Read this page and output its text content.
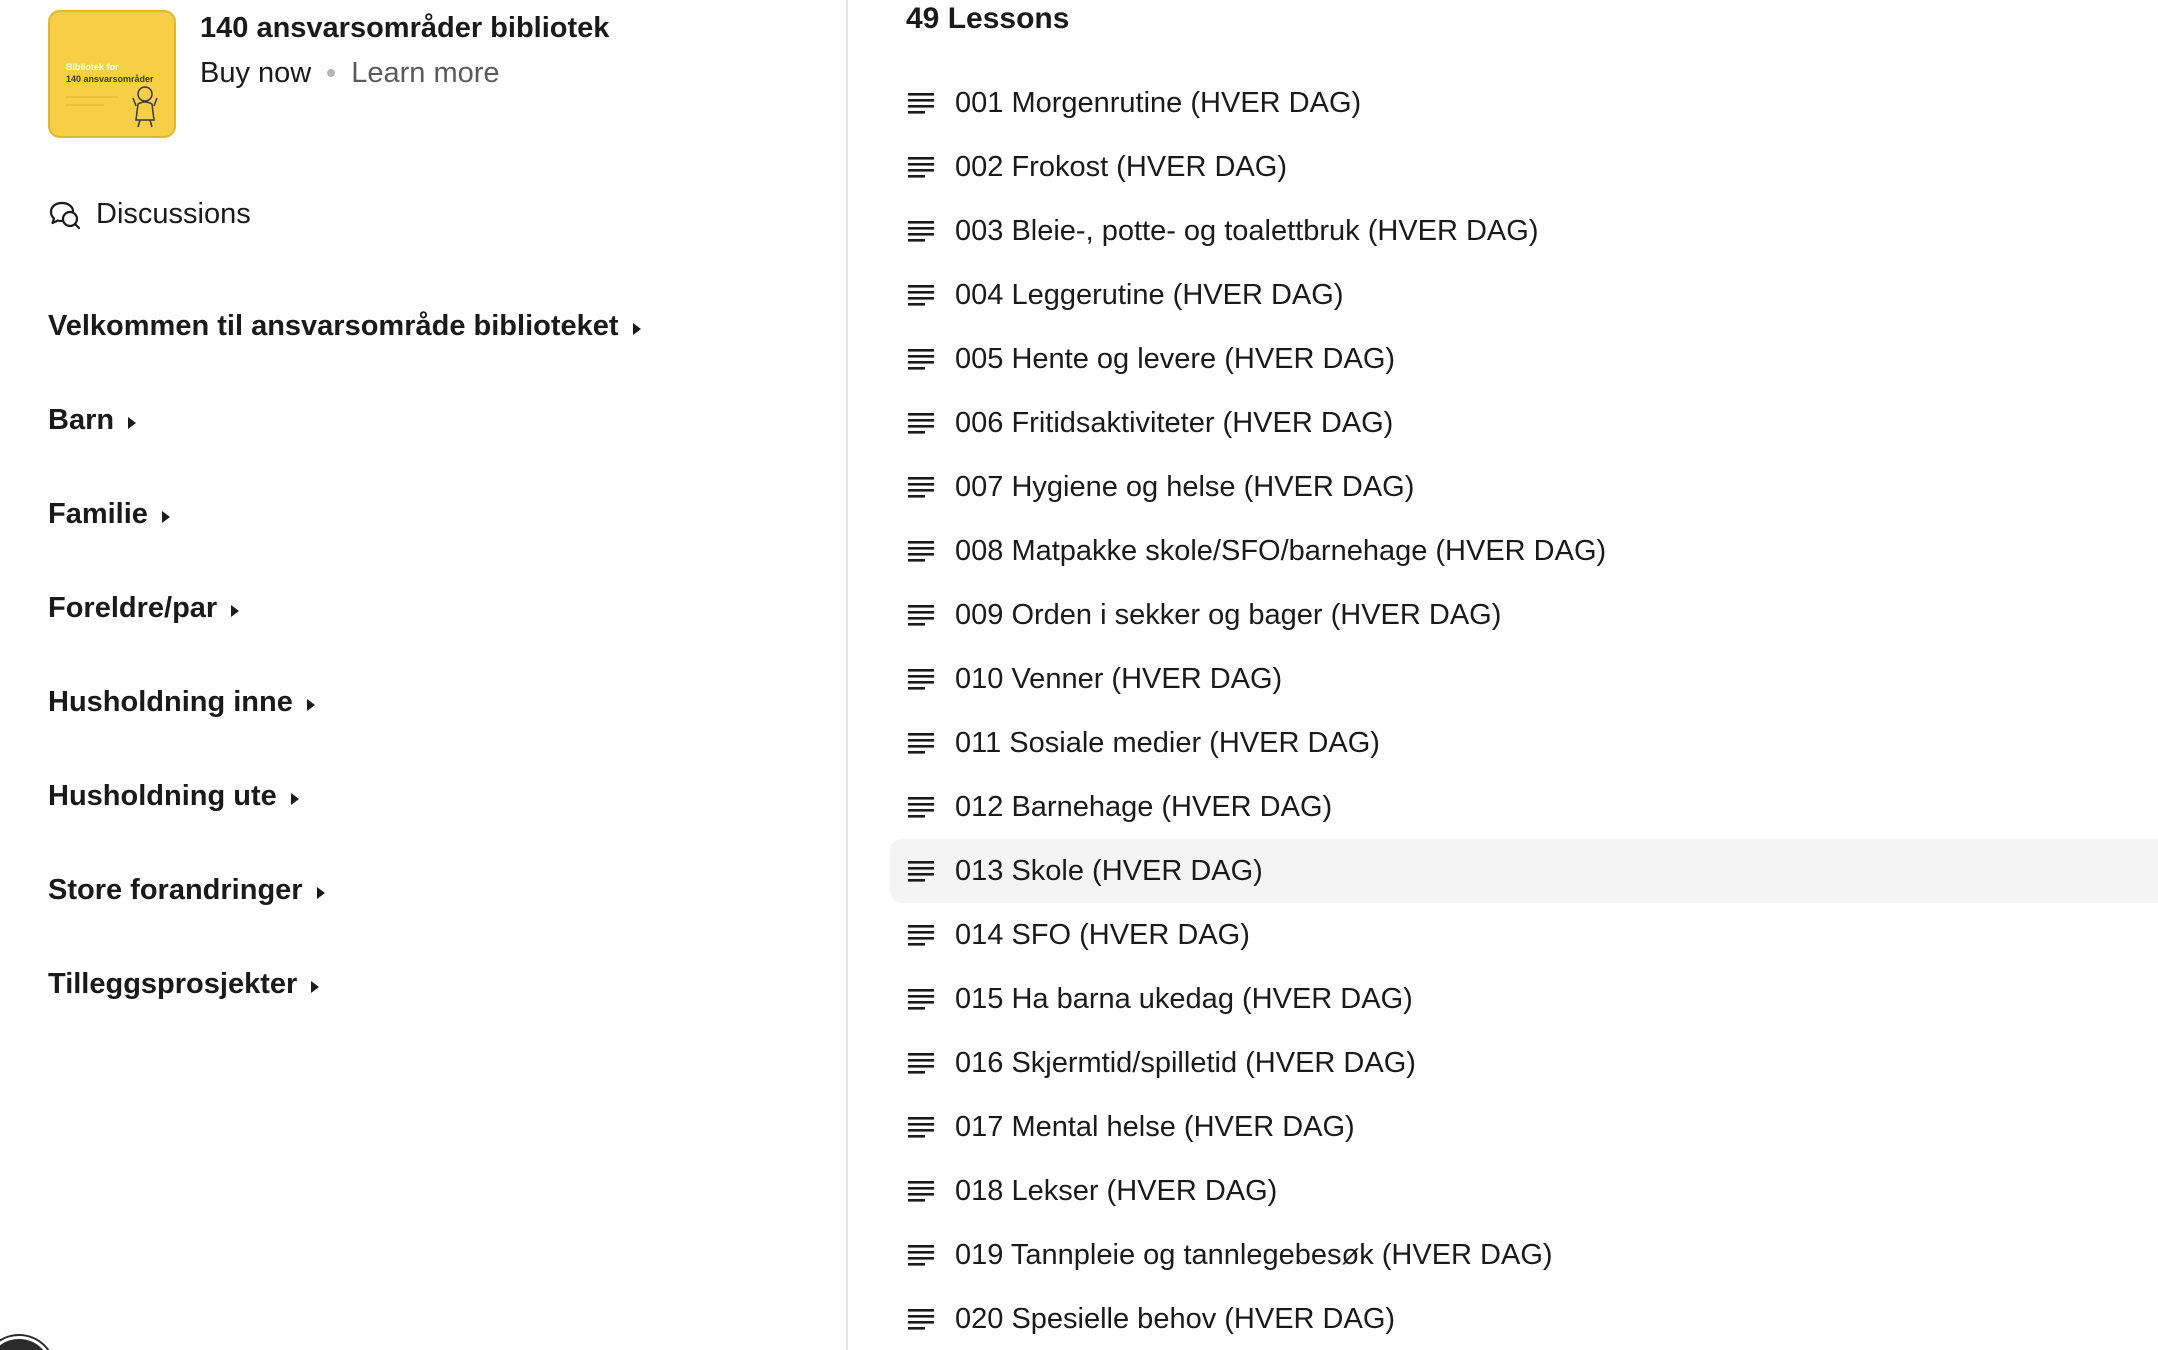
Bibliotek for
140 ansvarsområder
140 ansvarsområder bibliotek
Buy now Learn more
Discussions
Velkommen til ansvarsområde biblioteket
Barn
Familie
Foreldre/par
Husholdning inne
Husholdning ute
Store forandringer
Tilleggsprosjekter
49 Lessons
001 Morgenrutine (HVER DAG)
002 Frokost (HVER DAG)
003 Bleie-, potte- og toalettbruk (HVER DAG)
004 Leggerutine (HVER DAG)
005 Hente og levere (HVER DAG)
006 Fritidsaktiviteter (HVER DAG)
007 Hygiene og helse (HVER DAG)
008 Matpakke skole/SFO/barnehage (HVER DAG)
009 Orden i sekker og bager (HVER DAG)
010 Venner (HVER DAG)
011 Sosiale medier (HVER DAG)
012 Barnehage (HVER DAG)
013 Skole (HVER DAG)
014 SFO (HVER DAG)
015 Ha barna ukedag (HVER DAG)
016 Skjermtid/spilletid (HVER DAG)
017 Mental helse (HVER DAG)
018 Lekser (HVER DAG)
019 Tannpleie og tannlegebesøk (HVER DAG)
020 Spesielle behov (HVER DAG)
